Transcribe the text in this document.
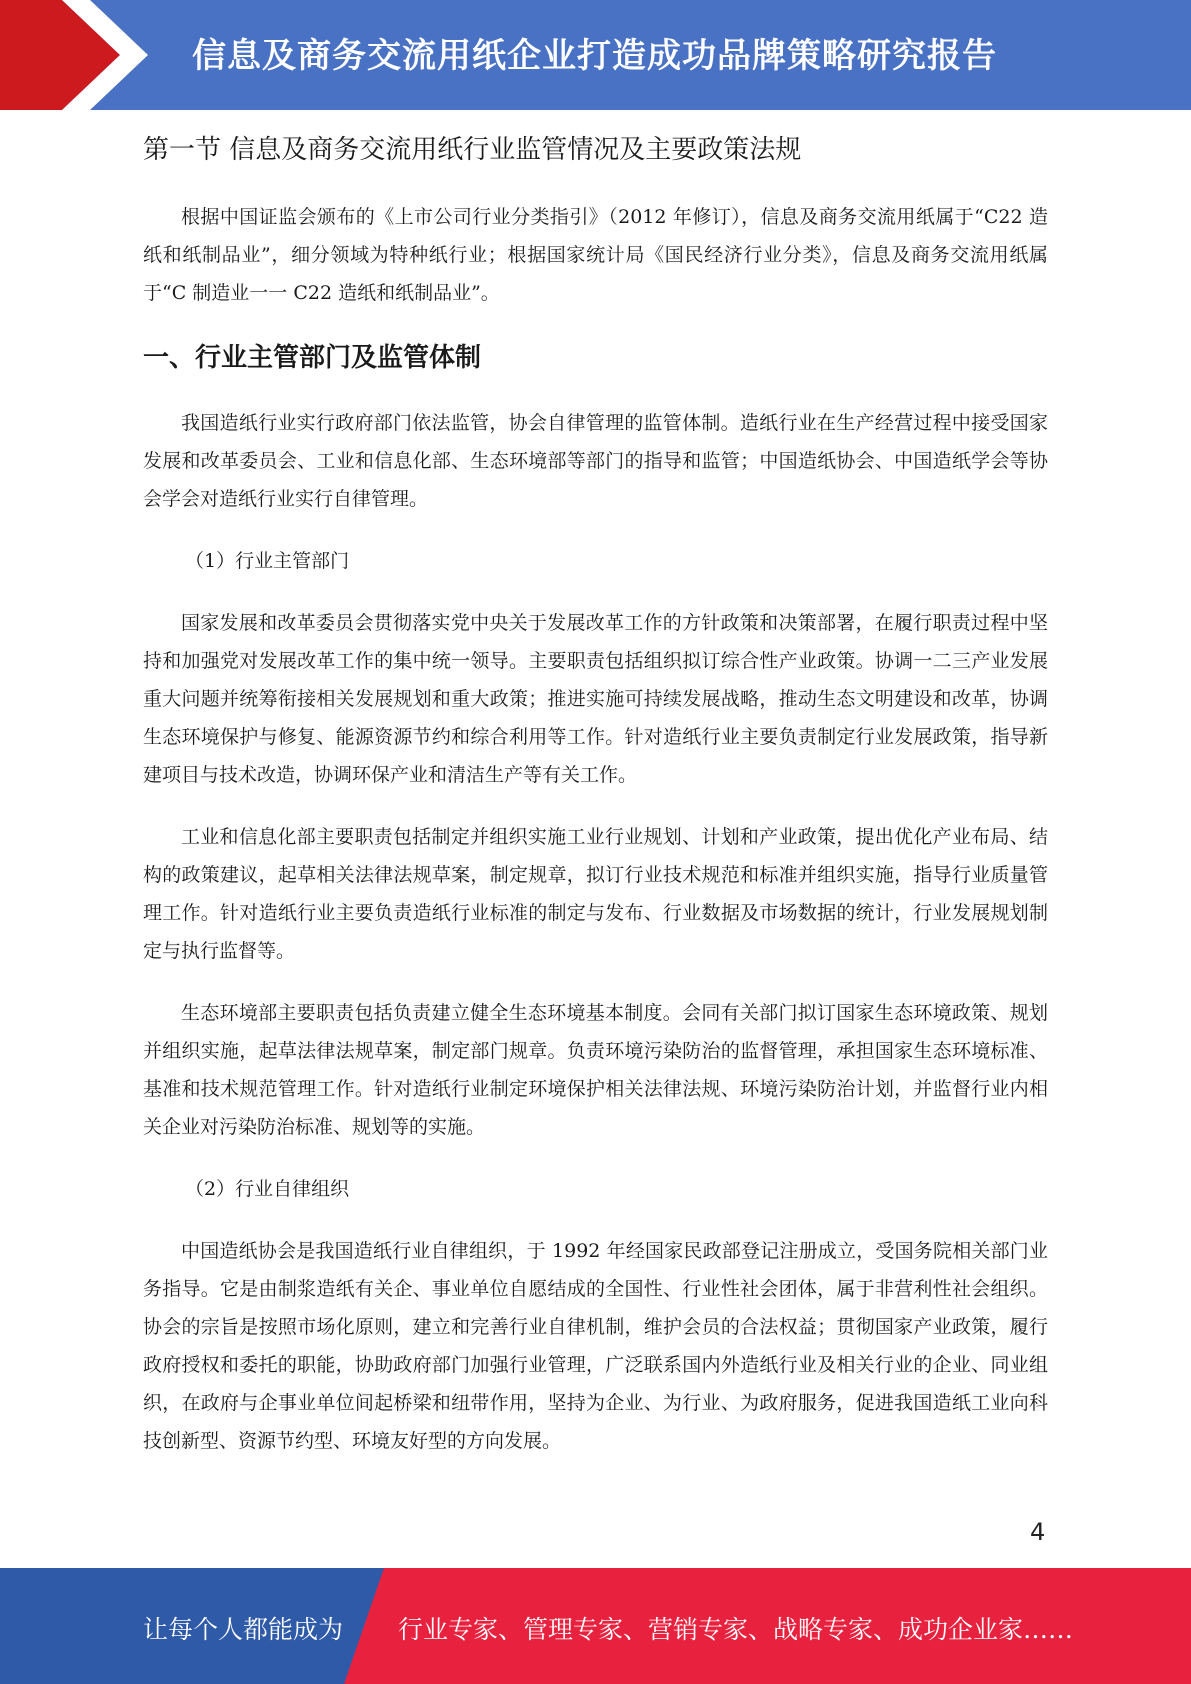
信息及商务交流用纸企业打造成功品牌策略研究报告
第一节 信息及商务交流用纸行业监管情况及主要政策法规

根据中国证监会颁布的《上市公司行业分类指引》（2012 年修订），信息及商务交流用纸属于“C22 造纸和纸制品业”，细分领域为特种纸行业；根据国家统计局《国民经济行业分类》，信息及商务交流用纸属于“C 制造业一一 C22 造纸和纸制品业”。

一、行业主管部门及监管体制

我国造纸行业实行政府部门依法监管，协会自律管理的监管体制。造纸行业在生产经营过程中接受国家发展和改革委员会、工业和信息化部、生态环境部等部门的指导和监管；中国造纸协会、中国造纸学会等协会学会对造纸行业实行自律管理。

（1）行业主管部门

国家发展和改革委员会贯彻落实党中央关于发展改革工作的方针政策和决策部署，在履行职责过程中坚持和加强党对发展改革工作的集中统一领导。主要职责包括组织拟订综合性产业政策。协调一二三产业发展重大问题并统筹衔接相关发展规划和重大政策；推进实施可持续发展战略，推动生态文明建设和改革，协调生态环境保护与修复、能源资源节约和综合利用等工作。针对造纸行业主要负责制定行业发展政策，指导新建项目与技术改造，协调环保产业和清洁生产等有关工作。

工业和信息化部主要职责包括制定并组织实施工业行业规划、计划和产业政策，提出优化产业布局、结构的政策建议，起草相关法律法规草案，制定规章，拟订行业技术规范和标准并组织实施，指导行业质量管理工作。针对造纸行业主要负责造纸行业标准的制定与发布、行业数据及市场数据的统计，行业发展规划制定与执行监督等。

生态环境部主要职责包括负责建立健全生态环境基本制度。会同有关部门拟订国家生态环境政策、规划并组织实施，起草法律法规草案，制定部门规章。负责环境污染防治的监督管理，承担国家生态环境标准、基准和技术规范管理工作。针对造纸行业制定环境保护相关法律法规、环境污染防治计划，并监督行业内相关企业对污染防治标准、规划等的实施。

（2）行业自律组织

中国造纸协会是我国造纸行业自律组织，于 1992 年经国家民政部登记注册成立，受国务院相关部门业务指导。它是由制浆造纸有关企、事业单位自愿结成的全国性、行业性社会团体，属于非营利性社会组织。协会的宗旨是按照市场化原则，建立和完善行业自律机制，维护会员的合法权益；贯彻国家产业政策，履行政府授权和委托的职能，协助政府部门加强行业管理，广泛联系国内外造纸行业及相关行业的企业、同业组织，在政府与企事业单位间起桥梁和纽带作用，坚持为企业、为行业、为政府服务，促进我国造纸工业向科技创新型、资源节约型、环境友好型的方向发展。

4
让每个人都能成为 行业专家、管理专家、营销专家、战略专家、成功企业家……
